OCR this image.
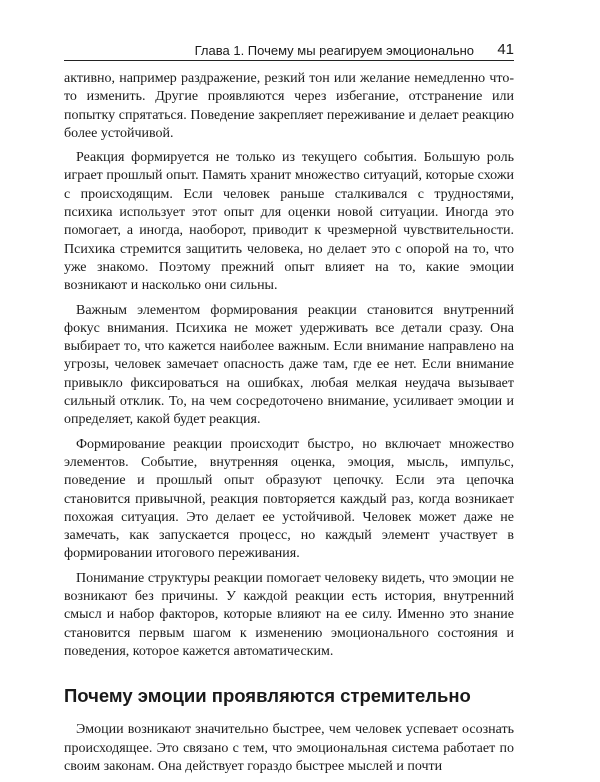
Глава 1. Почему мы реагируем эмоционально 41

активно, например раздражение, резкий тон или желание немедленно что-то изменить. Другие проявляются через избегание, отстранение или попытку спрятаться. Поведение закрепляет переживание и делает реакцию более устойчивой.

Реакция формируется не только из текущего события. Большую роль играет прошлый опыт. Память хранит множество ситуаций, которые схожи с происходящим. Если человек раньше сталкивался с трудностями, психика использует этот опыт для оценки новой ситуации. Иногда это помогает, а иногда, наоборот, приводит к чрезмерной чувствительности. Психика стремится защитить человека, но делает это с опорой на то, что уже знакомо. Поэтому прежний опыт влияет на то, какие эмоции возникают и насколько они сильны.

Важным элементом формирования реакции становится внутренний фокус внимания. Психика не может удерживать все детали сразу. Она выбирает то, что кажется наиболее важным. Если внимание направлено на угрозы, человек замечает опасность даже там, где ее нет. Если внимание привыкло фиксироваться на ошибках, любая мелкая неудача вызывает сильный отклик. То, на чем сосредоточено внимание, усиливает эмоции и определяет, какой будет реакция.

Формирование реакции происходит быстро, но включает множество элементов. Событие, внутренняя оценка, эмоция, мысль, импульс, поведение и прошлый опыт образуют цепочку. Если эта цепочка становится привычной, реакция повторяется каждый раз, когда возникает похожая ситуация. Это делает ее устойчивой. Человек может даже не замечать, как запускается процесс, но каждый элемент участвует в формировании итогового переживания.

Понимание структуры реакции помогает человеку видеть, что эмоции не возникают без причины. У каждой реакции есть история, внутренний смысл и набор факторов, которые влияют на ее силу. Именно это знание становится первым шагом к изменению эмоционального состояния и поведения, которое кажется автоматическим.

Почему эмоции проявляются стремительно

Эмоции возникают значительно быстрее, чем человек успевает осознать происходящее. Это связано с тем, что эмоциональная система работает по своим законам. Она действует гораздо быстрее мыслей и почти
